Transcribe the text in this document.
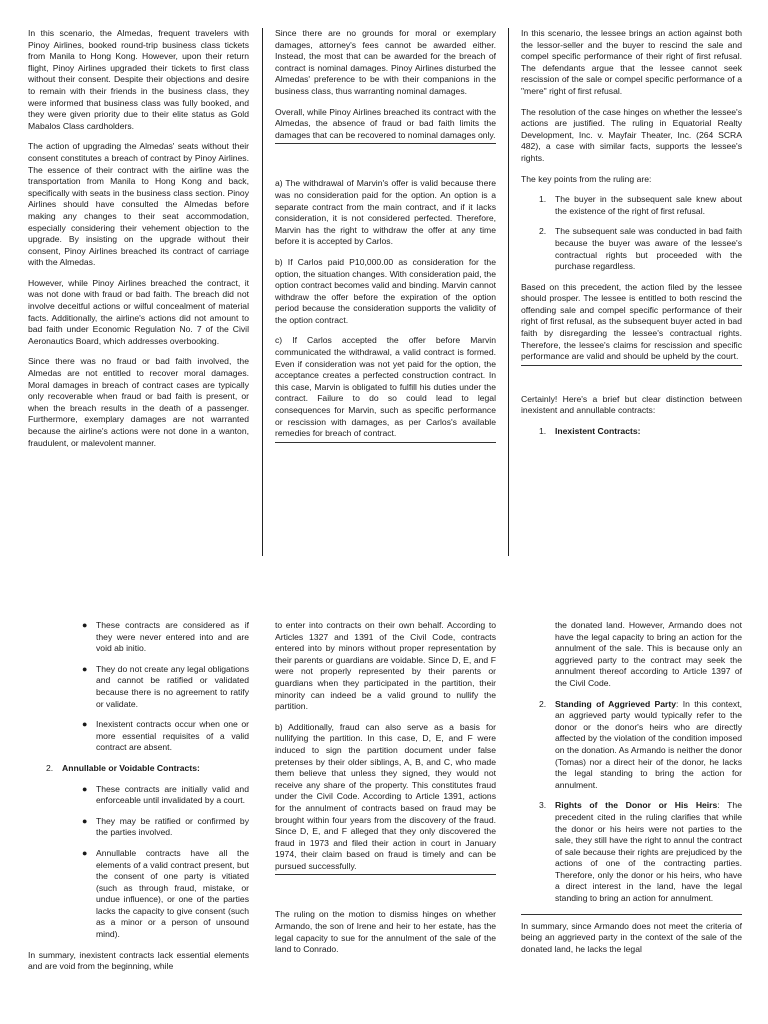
In this scenario, the Almedas, frequent travelers with Pinoy Airlines, booked round-trip business class tickets from Manila to Hong Kong. However, upon their return flight, Pinoy Airlines upgraded their tickets to first class without their consent. Despite their objections and desire to remain with their friends in the business class, they were informed that business class was fully booked, and they were given priority due to their elite status as Gold Mabalos Class cardholders.

The action of upgrading the Almedas' seats without their consent constitutes a breach of contract by Pinoy Airlines. The essence of their contract with the airline was the transportation from Manila to Hong Kong and back, specifically with seats in the business class section. Pinoy Airlines should have consulted the Almedas before making any changes to their seat accommodation, especially considering their vehement objection to the upgrade. By insisting on the upgrade without their consent, Pinoy Airlines breached its contract of carriage with the Almedas.

However, while Pinoy Airlines breached the contract, it was not done with fraud or bad faith. The breach did not involve deceitful actions or wilful concealment of material facts. Additionally, the airline's actions did not amount to bad faith under Economic Regulation No. 7 of the Civil Aeronautics Board, which addresses overbooking.

Since there was no fraud or bad faith involved, the Almedas are not entitled to recover moral damages. Moral damages in breach of contract cases are typically only recoverable when fraud or bad faith is present, or when the breach results in the death of a passenger. Furthermore, exemplary damages are not warranted because the airline's actions were not done in a wanton, fraudulent, or malevolent manner.

Since there are no grounds for moral or exemplary damages, attorney's fees cannot be awarded either. Instead, the most that can be awarded for the breach of contract is nominal damages. Pinoy Airlines disturbed the Almedas' preference to be with their companions in the business class, thus warranting nominal damages.

Overall, while Pinoy Airlines breached its contract with the Almedas, the absence of fraud or bad faith limits the damages that can be recovered to nominal damages only.

a) The withdrawal of Marvin's offer is valid because there was no consideration paid for the option. An option is a separate contract from the main contract, and if it lacks consideration, it is not considered perfected. Therefore, Marvin has the right to withdraw the offer at any time before it is accepted by Carlos.

b) If Carlos paid P10,000.00 as consideration for the option, the situation changes. With consideration paid, the option contract becomes valid and binding. Marvin cannot withdraw the offer before the expiration of the option period because the consideration supports the validity of the option contract.

c) If Carlos accepted the offer before Marvin communicated the withdrawal, a valid contract is formed. Even if consideration was not yet paid for the option, the acceptance creates a perfected construction contract. In this case, Marvin is obligated to fulfill his duties under the contract. Failure to do so could lead to legal consequences for Marvin, such as specific performance or rescission with damages, as per Carlos's available remedies for breach of contract.

In this scenario, the lessee brings an action against both the lessor-seller and the buyer to rescind the sale and compel specific performance of their right of first refusal. The defendants argue that the lessee cannot seek rescission of the sale or compel specific performance of a "mere" right of first refusal.

The resolution of the case hinges on whether the lessee's actions are justified. The ruling in Equatorial Realty Development, Inc. v. Mayfair Theater, Inc. (264 SCRA 482), a case with similar facts, supports the lessee's rights.

The key points from the ruling are:

1. The buyer in the subsequent sale knew about the existence of the right of first refusal.
2. The subsequent sale was conducted in bad faith because the buyer was aware of the lessee's contractual rights but proceeded with the purchase regardless.

Based on this precedent, the action filed by the lessee should prosper. The lessee is entitled to both rescind the offending sale and compel specific performance of their right of first refusal, as the subsequent buyer acted in bad faith by disregarding the lessee's contractual rights. Therefore, the lessee's claims for rescission and specific performance are valid and should be upheld by the court.

Certainly! Here's a brief but clear distinction between inexistent and annullable contracts:

1. Inexistent Contracts:
● These contracts are considered as if they were never entered into and are void ab initio.
● They do not create any legal obligations and cannot be ratified or validated because there is no agreement to ratify or validate.
● Inexistent contracts occur when one or more essential requisites of a valid contract are absent.
2. Annullable or Voidable Contracts:
● These contracts are initially valid and enforceable until invalidated by a court.
● They may be ratified or confirmed by the parties involved.
● Annullable contracts have all the elements of a valid contract present, but the consent of one party is vitiated (such as through fraud, mistake, or undue influence), or one of the parties lacks the capacity to give consent (such as a minor or a person of unsound mind).

In summary, inexistent contracts lack essential elements and are void from the beginning, while

to enter into contracts on their own behalf. According to Articles 1327 and 1391 of the Civil Code, contracts entered into by minors without proper representation by their parents or guardians are voidable. Since D, E, and F were not properly represented by their parents or guardians when they participated in the partition, their minority can indeed be a valid ground to nullify the partition.

b) Additionally, fraud can also serve as a basis for nullifying the partition. In this case, D, E, and F were induced to sign the partition document under false pretenses by their older siblings, A, B, and C, who made them believe that unless they signed, they would not receive any share of the property. This constitutes fraud under the Civil Code. According to Article 1391, actions for the annulment of contracts based on fraud may be brought within four years from the discovery of the fraud. Since D, E, and F alleged that they only discovered the fraud in 1973 and filed their action in court in January 1974, their claim based on fraud is timely and can be pursued successfully.

The ruling on the motion to dismiss hinges on whether Armando, the son of Irene and heir to her estate, has the legal capacity to sue for the annulment of the sale of the land to Conrado.

the donated land. However, Armando does not have the legal capacity to bring an action for the annulment of the sale. This is because only an aggrieved party to the contract may seek the annulment thereof according to Article 1397 of the Civil Code.

2. Standing of Aggrieved Party: In this context, an aggrieved party would typically refer to the donor or the donor's heirs who are directly affected by the violation of the condition imposed on the donation. As Armando is neither the donor (Tomas) nor a direct heir of the donor, he lacks the legal standing to bring the action for annulment.
3. Rights of the Donor or His Heirs: The precedent cited in the ruling clarifies that while the donor or his heirs were not parties to the sale, they still have the right to annul the contract of sale because their rights are prejudiced by the actions of one of the contracting parties. Therefore, only the donor or his heirs, who have a direct interest in the land, have the legal standing to bring an action for annulment.

In summary, since Armando does not meet the criteria of being an aggrieved party in the context of the sale of the donated land, he lacks the legal
